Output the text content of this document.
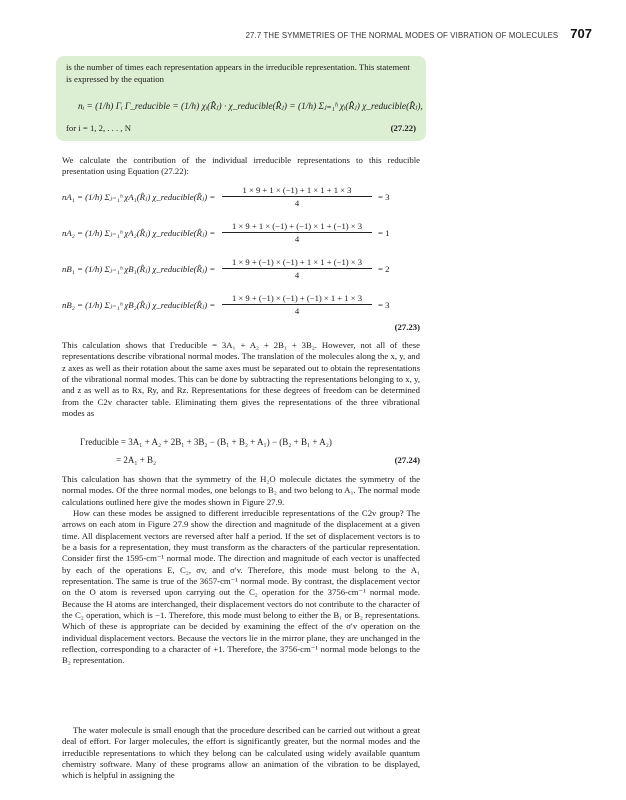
27.7 THE SYMMETRIES OF THE NORMAL MODES OF VIBRATION OF MOLECULES 707

is the number of times each representation appears in the irreducible representation. This statement is expressed by the equation

nᵢ = (1/h) Γᵢ Γ_reducible = (1/h) χᵢ(R̂ⱼ) · χ_reducible(R̂ⱼ) = (1/h) Σⱼ₌₁ʰ χᵢ(R̂ⱼ) χ_reducible(R̂ⱼ),
for i = 1, 2, . . . , N	(27.22)

We calculate the contribution of the individual irreducible representations to this reducible presentation using Equation (27.22):

nA₁ = (1/h) Σⱼ₌₁ʰ χA₁(R̂ⱼ) χ_reducible(R̂ⱼ) = $\frac{1 \times 9 + 1 \times (-1) + 1 \times 1 + 1 \times 3}{4} = 3$
nA₂ = (1/h) Σⱼ₌₁ʰ χA₂(R̂ⱼ) χ_reducible(R̂ⱼ) = $\frac{1 \times 9 + 1 \times (-1) + (-1) \times 1 + (-1) \times 3}{4} = 1$
nB₁ = (1/h) Σⱼ₌₁ʰ χB₁(R̂ⱼ) χ_reducible(R̂ⱼ) = $\frac{1 \times 9 + (-1) \times (-1) + 1 \times 1 + (-1) \times 3}{4} = 2$
nB₂ = (1/h) Σⱼ₌₁ʰ χB₂(R̂ⱼ) χ_reducible(R̂ⱼ) = $\frac{1 \times 9 + (-1) \times (-1) + (-1) \times 1 + 1 \times 3}{4} = 3$
(27.23)

This calculation shows that Γreducible = 3A₁ + A₂ + 2B₁ + 3B₂. However, not all of these representations describe vibrational normal modes. The translation of the molecules along the x, y, and z axes as well as their rotation about the same axes must be separated out to obtain the representations of the vibrational normal modes. This can be done by subtracting the representations belonging to x, y, and z as well as to Rx, Ry, and Rz. Representations for these degrees of freedom can be determined from the C2v character table. Eliminating them gives the representations of the three vibrational modes as

Γreducible = 3A₁ + A₂ + 2B₁ + 3B₂ − (B₁ + B₂ + A₁) − (B₂ + B₁ + A₂)
= 2A₁ + B₂	(27.24)

This calculation has shown that the symmetry of the H₂O molecule dictates the symmetry of the normal modes. Of the three normal modes, one belongs to B₂ and two belong to A₁. The normal mode calculations outlined here give the modes shown in Figure 27.9.

How can these modes be assigned to different irreducible representations of the C2v group? The arrows on each atom in Figure 27.9 show the direction and magnitude of the displacement at a given time. All displacement vectors are reversed after half a period. If the set of displacement vectors is to be a basis for a representation, they must transform as the characters of the particular representation. Consider first the 1595-cm⁻¹ normal mode. The direction and magnitude of each vector is unaffected by each of the operations E, C₂, σv, and σ′v. Therefore, this mode must belong to the A₁ representation. The same is true of the 3657-cm⁻¹ normal mode. By contrast, the displacement vector on the O atom is reversed upon carrying out the C₂ operation for the 3756-cm⁻¹ normal mode. Because the H atoms are interchanged, their displacement vectors do not contribute to the character of the C₂ operation, which is −1. Therefore, this mode must belong to either the B₁ or B₂ representations. Which of these is appropriate can be decided by examining the effect of the σ′v operation on the individual displacement vectors. Because the vectors lie in the mirror plane, they are unchanged in the reflection, corresponding to a character of +1. Therefore, the 3756-cm⁻¹ normal mode belongs to the B₂ representation.

The water molecule is small enough that the procedure described can be carried out without a great deal of effort. For larger molecules, the effort is significantly greater, but the normal modes and the irreducible representations to which they belong can be calculated using widely available quantum chemistry software. Many of these programs allow an animation of the vibration to be displayed, which is helpful in assigning the
